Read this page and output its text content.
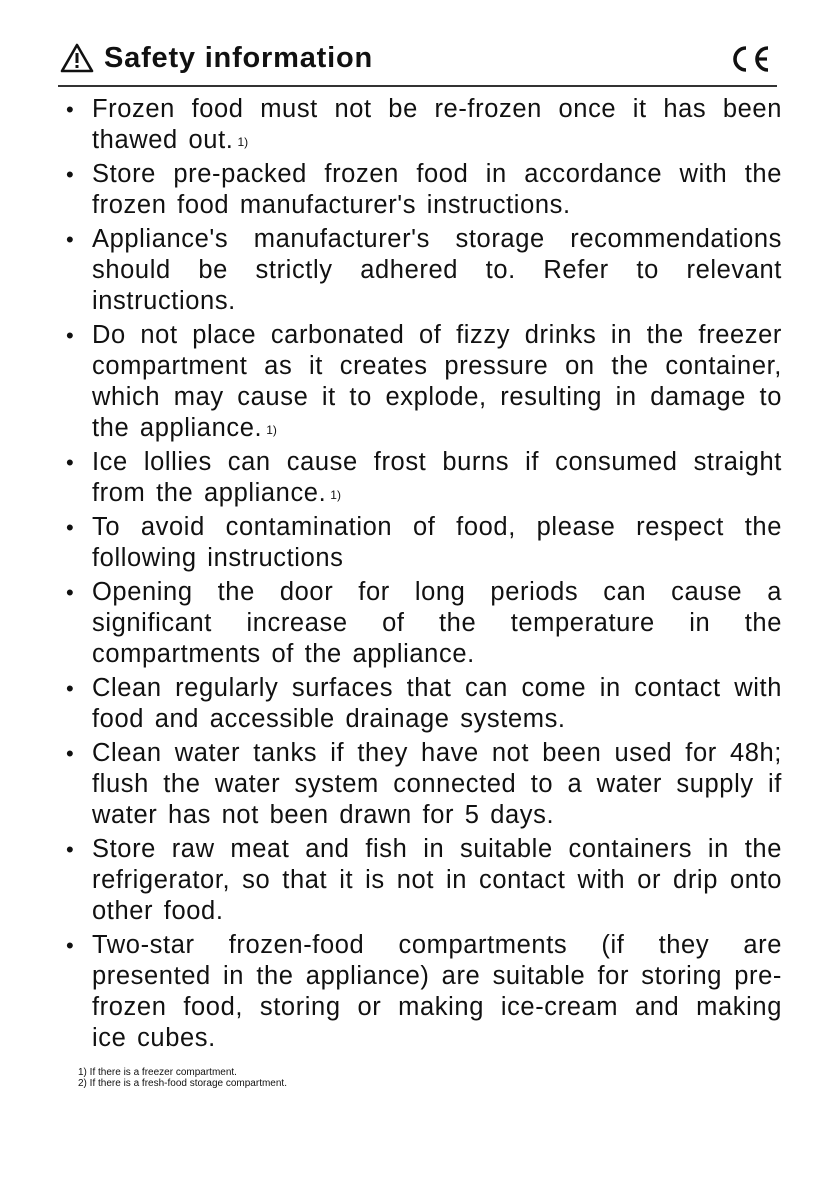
Safety information
• Frozen food must not be re-frozen once it has been thawed out. $^{1)}$
• Store pre-packed frozen food in accordance with the frozen food manufacturer's instructions.
• Appliance's manufacturer's storage recommendations should be strictly adhered to. Refer to relevant instructions.
• Do not place carbonated of fizzy drinks in the freezer compartment as it creates pressure on the container, which may cause it to explode, resulting in damage to the appliance. $^{1)}$
• Ice lollies can cause frost burns if consumed straight from the appliance. $^{1)}$
• To avoid contamination of food, please respect the following instructions
• Opening the door for long periods can cause a significant increase of the temperature in the compartments of the appliance.
• Clean regularly surfaces that can come in contact with food and accessible drainage systems.
• Clean water tanks if they have not been used for 48h; flush the water system connected to a water supply if water has not been drawn for 5 days.
• Store raw meat and fish in suitable containers in the refrigerator, so that it is not in contact with or drip onto other food.
• Two-star frozen-food compartments (if they are presented in the appliance) are suitable for storing pre-frozen food, storing or making ice-cream and making ice cubes.
1) If there is a freezer compartment.
2) If there is a fresh-food storage compartment.
